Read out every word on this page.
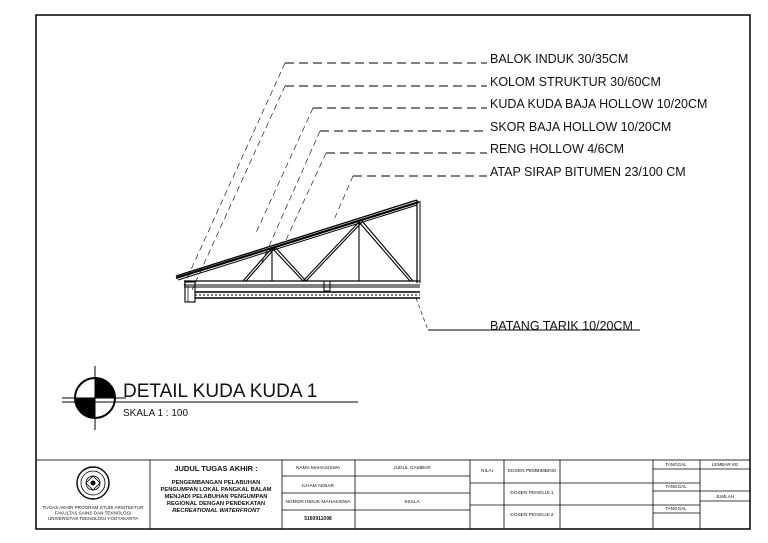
BALOK INDUK 30/35CM
KOLOM STRUKTUR 30/60CM
KUDA KUDA BAJA HOLLOW 10/20CM
SKOR BAJA HOLLOW 10/20CM
RENG HOLLOW 4/6CM
ATAP SIRAP BITUMEN 23/100 CM
BATANG TARIK 10/20CM
DETAIL KUDA KUDA 1
SKALA 1 : 100
TUGAS AKHIR PROGRAM STUDI ARSITEKTUR
FAKULTAS SAINS DAN TEKNOLOGI
UNIVERSITAS TEKNOLOGI YOGYAKARTA
JUDUL TUGAS AKHIR :
PENGEMBANGAN PELABUHAN
PENGUMPAN LOKAL PANGKAL BALAM
MENJADI PELABUHAN PENGUMPAN
REGIONAL DENGAN PENDEKATAN
RECREATIONAL WATERFRONT
NAMA MAHASISWA
ILHAM AKBAR
NOMOR INDUK MAHASISWA
5160911098
JUDUL GAMBAR
SKALA
NILAI	DOSEN PEMBIMBING
DOSEN PENGUJI 1
DOSEN PENGUJI 2
TANGGAL
TANGGAL
TANGGAL
LEMBAR KE
JUMLAH
